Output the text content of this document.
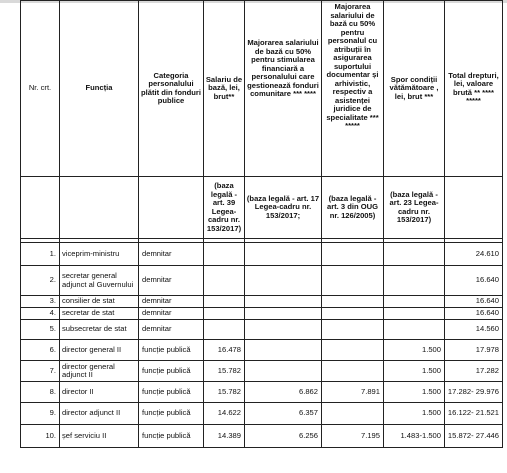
Nr. crt.	Funcția	Categoria personalului plătit din fonduri publice	Salariu de bază, lei, brut**	Majorarea salariului de bază cu 50% pentru stimularea financiară a personalului care gestionează fonduri comunitare *** ****	Majorarea salariului de bază cu 50% pentru personalul cu atribuții în asigurarea suportului documentar și arhivistic, respectiv a asistenței juridice de specialitate *** *****	Spor condiții vătămătoare , lei, brut ***	Total drepturi, lei, valoare brută ** **** *****
			(baza legală - art. 39 Legea-cadru nr. 153/2017)	(baza legală - art. 17 Legea-cadru nr. 153/2017;	(baza legală - art. 3 din OUG nr. 126/2005)	(baza legală - art. 23 Legea-cadru nr. 153/2017)	

1.	viceprim-ministru	demnitar					24.610
2.	secretar general adjunct al Guvernului	demnitar					16.640
3.	consilier de stat	demnitar					16.640
4.	secretar de stat	demnitar					16.640
5.	subsecretar de stat	demnitar					14.560
6.	director general II	funcție publică	16.478			1.500	17.978
7.	director general adjunct II	funcție publică	15.782			1.500	17.282
8.	director II	funcție publică	15.782	6.862	7.891	1.500	17.282- 29.976
9.	director adjunct II	funcție publică	14.622	6.357		1.500	16.122- 21.521
10.	șef serviciu II	funcție publică	14.389	6.256	7.195	1.483-1.500	15.872- 27.446
